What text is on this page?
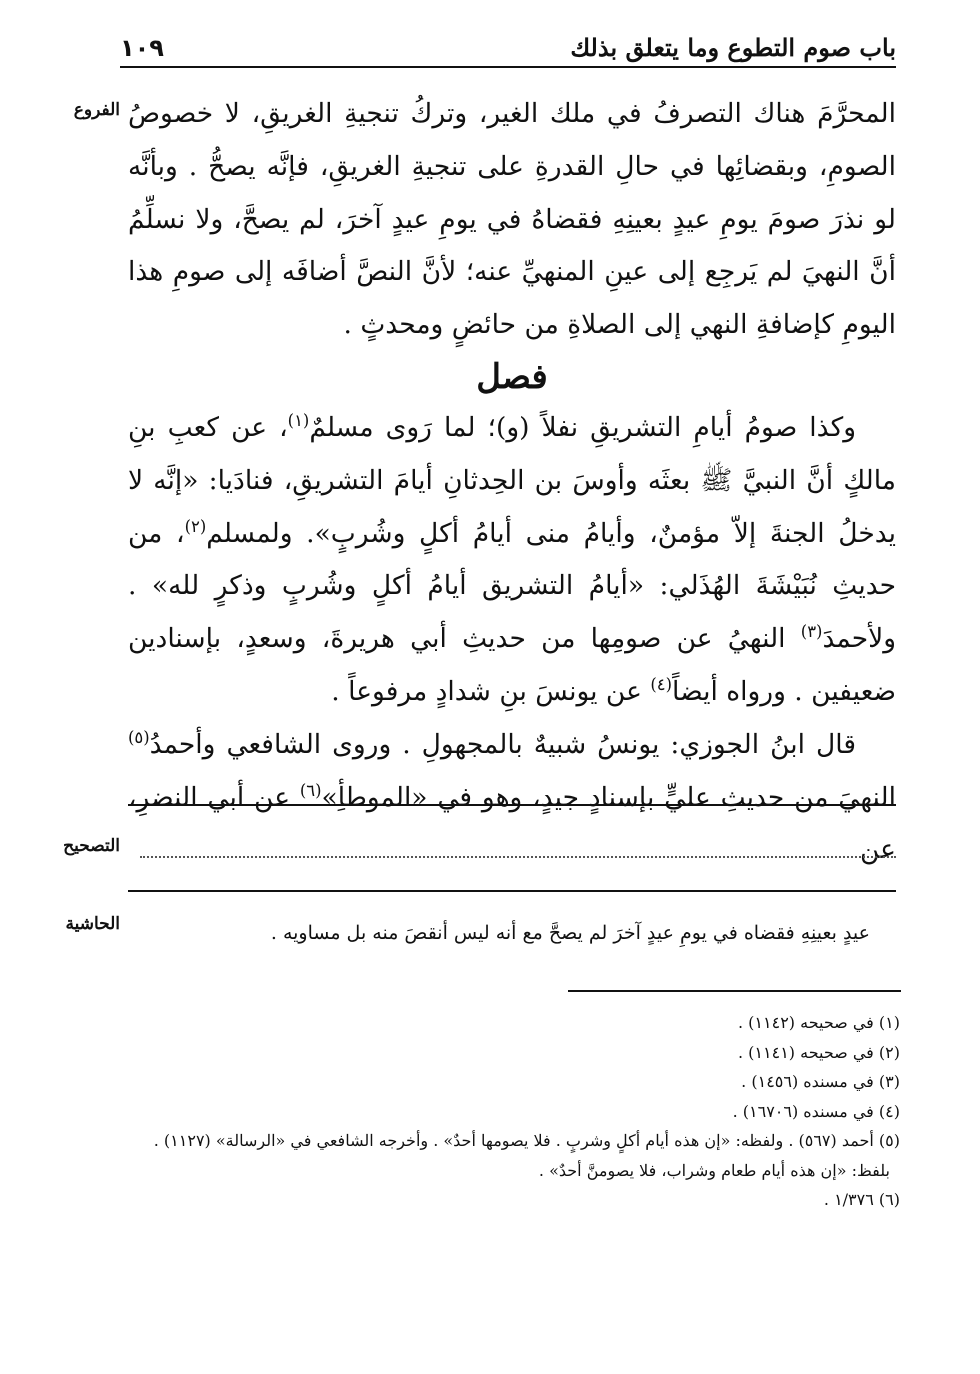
باب صوم التطوع وما يتعلق بذلك
١٠٩
الفروع المحرَّمَ هناك التصرفُ في ملك الغير، وتركُ تنجيةِ الغريقِ، لا خصوصُ الصومِ، وبقضائِها في حالِ القدرةِ على تنجيةِ الغريقِ، فإنَّه يصحُّ . وبأنَّه لو نذرَ صومَ يومِ عيدٍ بعينِهِ فقضاهُ في يومِ عيدٍ آخرَ، لم يصحَّ، ولا نسلِّمُ أنَّ النهيَ لم يَرجِع إلى عينِ المنهيِّ عنه؛ لأنَّ النصَّ أضافَه إلى صومِ هذا اليومِ كإضافةِ النهي إلى الصلاةِ من حائضٍ ومحدثٍ .

فصل

وكذا صومُ أيامِ التشريقِ نفلاً (و)؛ لما رَوى مسلمٌ$^{(١)}$، عن كعبِ بنِ مالكٍ أنَّ النبيَّ ﷺ بعثَه وأوسَ بن الحِدثانِ أيامَ التشريقِ، فنادَيا: «إنَّه لا يدخلُ الجنةَ إلاّ مؤمنٌ، وأيامُ منى أيامُ أكلٍ وشُربٍ». ولمسلم$^{(٢)}$، من حديثِ نُبَيْشَةَ الهُذَلي: «أيامُ التشريق أيامُ أكلٍ وشُربٍ وذكرٍ لله» . ولأحمدَ$^{(٣)}$ النهيُ عن صومِها من حديثِ أبي هريرةَ، وسعدٍ، بإسنادين ضعيفين . ورواه أيضاً$^{(٤)}$ عن يونسَ بنِ شدادٍ مرفوعاً .

قال ابنُ الجوزي: يونسُ شبيهٌ بالمجهولِ . وروى الشافعي وأحمدُ$^{(٥)}$ النهيَ من حديثِ عليٍّ بإسنادٍ جيدٍ، وهو في «الموطأِ»$^{(٦)}$ عن أبي النضرِ، عن

التصحيح
الحاشية	عيدٍ بعينِهِ فقضاه في يومِ عيدٍ آخرَ لم يصحَّ مع أنه ليس أنقصَ منه بل مساويه .

(١) في صحيحه (١١٤٢) .

(٢) في صحيحه (١١٤١) .

(٣) في مسنده (١٤٥٦) .

(٤) في مسنده (١٦٧٠٦) .

(٥) أحمد (٥٦٧) . ولفظه: «إن هذه أيام أكلٍ وشربٍ . فلا يصومها أحدٌ» . وأخرجه الشافعي في «الرسالة» (١١٢٧) .

بلفظ: «إن هذه أيام طعام وشراب، فلا يصومنَّ أحدٌ» .

(٦) ١/٣٧٦ .
